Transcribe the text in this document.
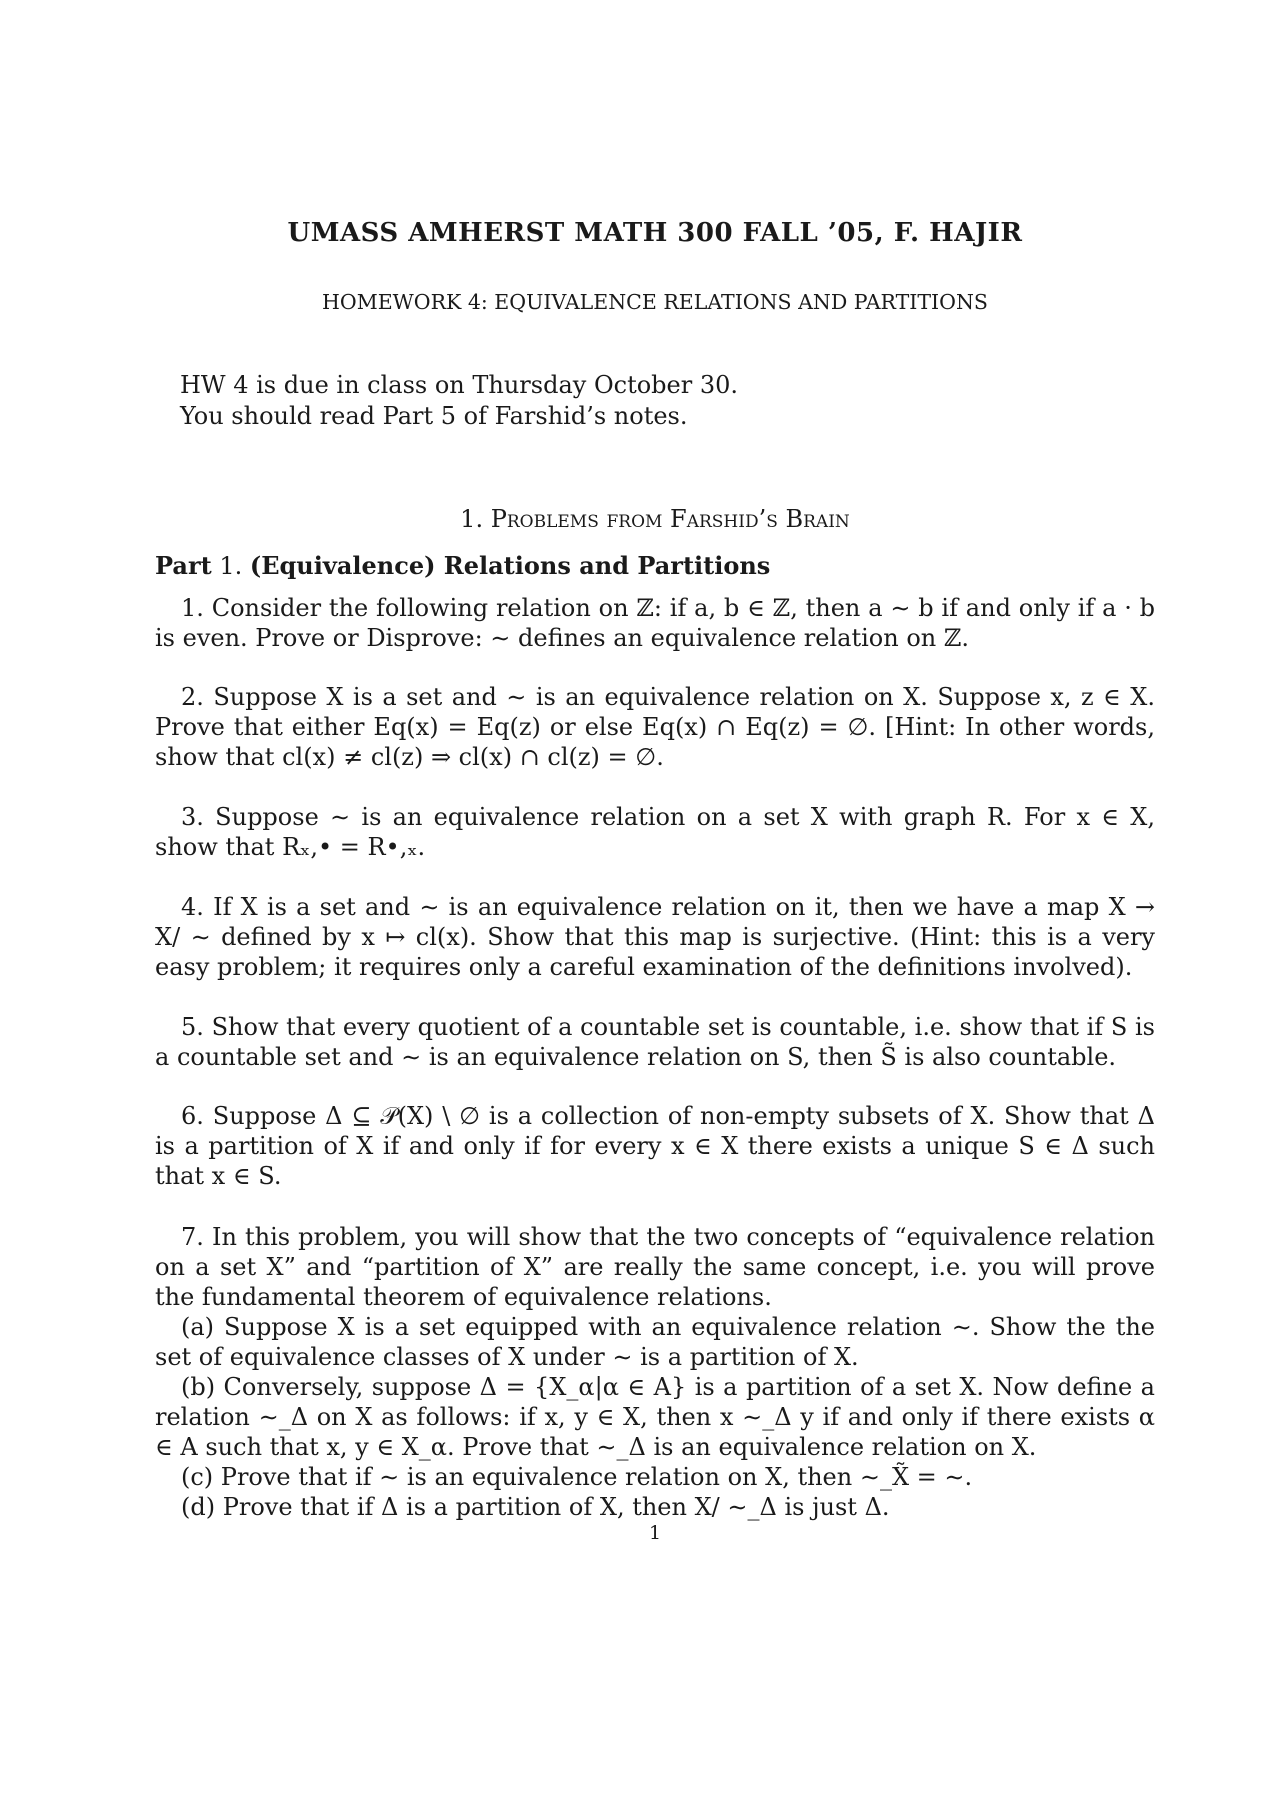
UMASS AMHERST MATH 300 FALL ’05, F. HAJIR
HOMEWORK 4: EQUIVALENCE RELATIONS AND PARTITIONS

HW 4 is due in class on Thursday October 30.

You should read Part 5 of Farshid’s notes.

1. Problems from Farshid’s Brain
Part 1. (Equivalence) Relations and Partitions

1. Consider the following relation on ℤ: if a, b ∈ ℤ, then a ∼ b if and only if a · b is even. Prove or Disprove: ∼ defines an equivalence relation on ℤ.

2. Suppose X is a set and ∼ is an equivalence relation on X. Suppose x, z ∈ X. Prove that either Eq(x) = Eq(z) or else Eq(x) ∩ Eq(z) = ∅. [Hint: In other words, show that cl(x) ≠ cl(z) ⇒ cl(x) ∩ cl(z) = ∅.

3. Suppose ∼ is an equivalence relation on a set X with graph R. For x ∈ X, show that Rₓ,• = R•,ₓ.

4. If X is a set and ∼ is an equivalence relation on it, then we have a map X → X/ ∼ defined by x ↦ cl(x). Show that this map is surjective. (Hint: this is a very easy problem; it requires only a careful examination of the definitions involved).

5. Show that every quotient of a countable set is countable, i.e. show that if S is a countable set and ∼ is an equivalence relation on S, then S̃ is also countable.

6. Suppose Δ ⊆ 𝒫(X) \ ∅ is a collection of non-empty subsets of X. Show that Δ is a partition of X if and only if for every x ∈ X there exists a unique S ∈ Δ such that x ∈ S.

7. In this problem, you will show that the two concepts of “equivalence relation on a set X” and “partition of X” are really the same concept, i.e. you will prove the fundamental theorem of equivalence relations.

(a) Suppose X is a set equipped with an equivalence relation ∼. Show the the set of equivalence classes of X under ∼ is a partition of X.

(b) Conversely, suppose Δ = {X_α|α ∈ A} is a partition of a set X. Now define a relation ∼_Δ on X as follows: if x, y ∈ X, then x ∼_Δ y if and only if there exists α ∈ A such that x, y ∈ X_α. Prove that ∼_Δ is an equivalence relation on X.

(c) Prove that if ∼ is an equivalence relation on X, then ∼_X̃ = ∼.

(d) Prove that if Δ is a partition of X, then X/ ∼_Δ is just Δ.

1
